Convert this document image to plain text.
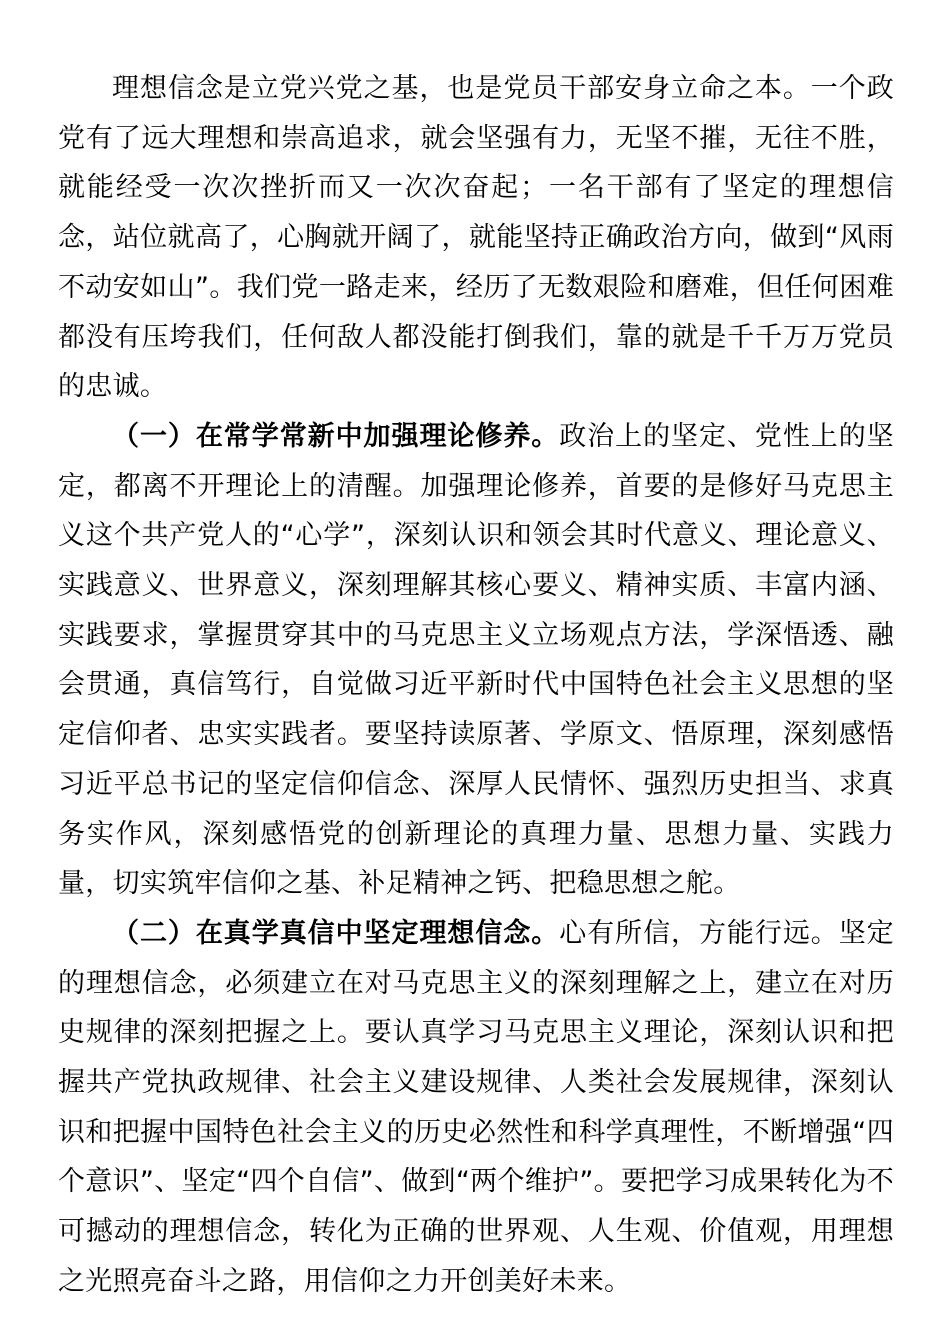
理想信念是立党兴党之基，也是党员干部安身立命之本。一个政党有了远大理想和崇高追求，就会坚强有力，无坚不摧，无往不胜，就能经受一次次挫折而又一次次奋起；一名干部有了坚定的理想信念，站位就高了，心胸就开阔了，就能坚持正确政治方向，做到“风雨不动安如山”。我们党一路走来，经历了无数艰险和磨难，但任何困难都没有压垮我们，任何敌人都没能打倒我们，靠的就是千千万万党员的忠诚。

（一）在常学常新中加强理论修养。政治上的坚定、党性上的坚定，都离不开理论上的清醒。加强理论修养，首要的是修好马克思主义这个共产党人的“心学”，深刻认识和领会其时代意义、理论意义、实践意义、世界意义，深刻理解其核心要义、精神实质、丰富内涵、实践要求，掌握贯穿其中的马克思主义立场观点方法，学深悟透、融会贯通，真信笃行，自觉做习近平新时代中国特色社会主义思想的坚定信仰者、忠实实践者。要坚持读原著、学原文、悟原理，深刻感悟习近平总书记的坚定信仰信念、深厚人民情怀、强烈历史担当、求真务实作风，深刻感悟党的创新理论的真理力量、思想力量、实践力量，切实筑牢信仰之基、补足精神之钙、把稳思想之舵。

（二）在真学真信中坚定理想信念。心有所信，方能行远。坚定的理想信念，必须建立在对马克思主义的深刻理解之上，建立在对历史规律的深刻把握之上。要认真学习马克思主义理论，深刻认识和把握共产党执政规律、社会主义建设规律、人类社会发展规律，深刻认识和把握中国特色社会主义的历史必然性和科学真理性，不断增强“四个意识”、坚定“四个自信”、做到“两个维护”。要把学习成果转化为不可撼动的理想信念，转化为正确的世界观、人生观、价值观，用理想之光照亮奋斗之路，用信仰之力开创美好未来。
